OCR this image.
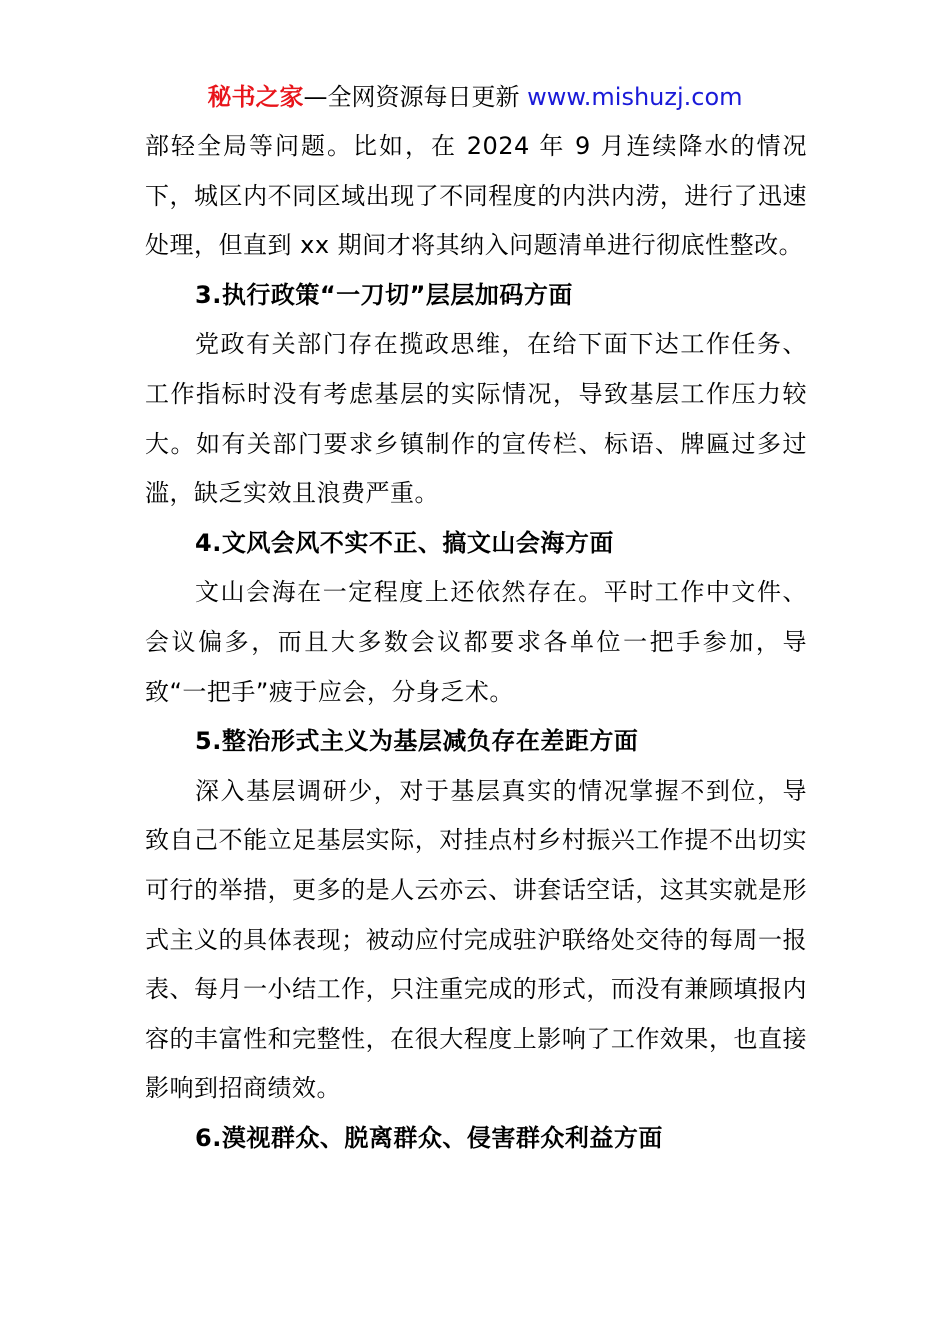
秘书之家—全网资源每日更新 www.mishuzj.com

部轻全局等问题。比如，在 2024 年 9 月连续降水的情况下，城区内不同区域出现了不同程度的内洪内涝，进行了迅速处理，但直到 xx 期间才将其纳入问题清单进行彻底性整改。

3.执行政策“一刀切”层层加码方面

党政有关部门存在揽政思维，在给下面下达工作任务、工作指标时没有考虑基层的实际情况，导致基层工作压力较大。如有关部门要求乡镇制作的宣传栏、标语、牌匾过多过滥，缺乏实效且浪费严重。

4.文风会风不实不正、搞文山会海方面

文山会海在一定程度上还依然存在。平时工作中文件、会议偏多，而且大多数会议都要求各单位一把手参加，导致“一把手”疲于应会，分身乏术。

5.整治形式主义为基层减负存在差距方面

深入基层调研少，对于基层真实的情况掌握不到位，导致自己不能立足基层实际，对挂点村乡村振兴工作提不出切实可行的举措，更多的是人云亦云、讲套话空话，这其实就是形式主义的具体表现；被动应付完成驻沪联络处交待的每周一报表、每月一小结工作，只注重完成的形式，而没有兼顾填报内容的丰富性和完整性，在很大程度上影响了工作效果，也直接影响到招商绩效。

6.漠视群众、脱离群众、侵害群众利益方面
